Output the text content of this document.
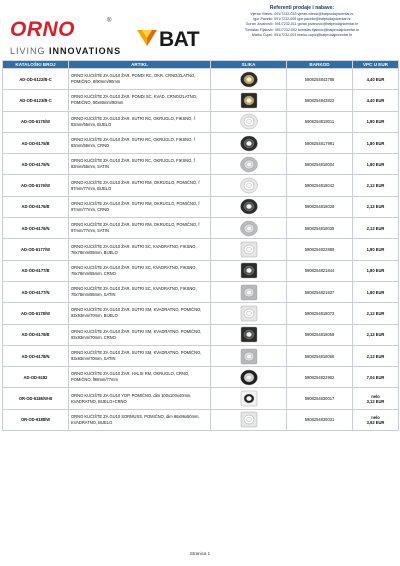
ORNO	®
LIVING INNOVATIONS BAT
Referenti prodaje i nabave:
Vjeran Vitezić: 091/7232-033 vjeran.vitezic@batprodajnicentar.hr
Igor Pavelić: 091/7232-005 igor.pavelic@batprodajnicentar.hr
Goran Jovanović: 091/7232-011 goran.jovanovic@batprodajnicentar.hr
Tomislav Fijalović: 091/7232-002 tomislav.fijalovic@batprodajnicentar.hr
Marko Ćupić: 091/7232-003 marko.cupic@batprodajnicentar.hr
KATALOŠKI BROJ	ARTIKL	SLIKA	BARKOD	VPC U EUR
AD-OD-6122/B-C	ORNO KUĆIŠTE ZA GU10 ŽAR. PONDI RC, OKR. CRNO/ZLATNO, POMIČNO, 8/90mm/90mm		5908254843788	4,40 EUR
AD-OD-6123/B-C	ORNO KUĆIŠTE ZA GU10 ŽAR. PONDI SC, KVAD. CRNO/ZLATNO, POMIČNO, 90x90mm/90mm		5908254843822	4,40 EUR
AD-OD-6175/W	ORNO KUĆIŠTE ZA GU10 ŽAR. SUTRI RC, OKRUGLO, FIKSNO, f 83mm/55mm, BIJELO		5908254818011	1,80 EUR
AD-OD-6175/B	ORNO KUĆIŠTE ZA GU10 ŽAR. SUTRI RC, OKRUGLO, FIKSNO, f 83mm/55mm, CRNO		5908254817991	1,80 EUR
AD-OD-6175/N	ORNO KUĆIŠTE ZA GU10 ŽAR. SUTRI RC, OKRUGLO, FIKSNO, f 83mm/55mm, SATIN		5908254818004	1,80 EUR
AD-OD-6176/W	ORNO KUĆIŠTE ZA GU10 ŽAR. SUTRI RM, OKRUGLO, POMIČNO, f 97mm/77mm, BIJELO		5908254818042	2,12 EUR
AD-OD-6176/B	ORNO KUĆIŠTE ZA GU10 ŽAR. SUTRI RM, OKRUGLO, POMIČNO, f 97mm/77mm, CRNO		5908254818028	2,12 EUR
AD-OD-6176/N	ORNO KUĆIŠTE ZA GU10 ŽAR. SUTRI RM, OKRUGLO, POMIČNO, f 97mm/77mm, SATIN		5908254818035	2,12 EUR
AD-OD-6177/W	ORNO KUĆIŠTE ZA GU10 ŽAR. SUTRI SC, KVADRATNO, FIKSNO, 78x78mm/55mm, BIJELO		5908254822889	1,80 EUR
AD-OD-6177/B	ORNO KUĆIŠTE ZA GU10 ŽAR. SUTRI SC, KVADRATNO, FIKSNO, 78x78mm/55mm, CRNO		5908254821844	1,80 EUR
AD-OD-6177/N	ORNO KUĆIŠTE ZA GU10 ŽAR. SUTRI SC, KVADRATNO, FIKSNO, 78x78mm/55mm, SATIN		5908254821837	1,80 EUR
AD-OD-6178/W	ORNO KUĆIŠTE ZA GU10 ŽAR. SUTRI SM, KVADRATNO, POMIČNO, 93x93mm/70mm, BIJELO		5908254818073	2,12 EUR
AD-OD-6178/B	ORNO KUĆIŠTE ZA GU10 ŽAR. SUTRI SM, KVADRATNO, POMIČNO, 93x93mm/70mm, CRNO		5908254818059	2,12 EUR
AD-OD-6178/N	ORNO KUĆIŠTE ZA GU10 ŽAR. SUTRI SM, KVADRATNO, POMIČNO, 93x93mm/70mm, SATIN		5908254818066	2,12 EUR
AD-OD-6182	ORNO KUĆIŠTE ZA GU10 ŽAR. HALSI RM, OKRUGLO, CRNO, POMIČNO, f98mm/77mm		5908254822902	7,04 EUR
OR-OD-6186/W-B	ORNO KUĆIŠTE ZA GU10 YOP, POMIČNO, dim 100x100x40mm, KVADRATNO, BIJELO+CRNO		5908254830017	nelo
3,12 EUR
OR-OD-6188/W	ORNO KUĆIŠTE ZA GU10 SORMUSS, POMIČNO, dim 96x96x50mm, KVADRATNO, BIJELO		5908254830031	nelo
3,92 EUR
Stranica 1
